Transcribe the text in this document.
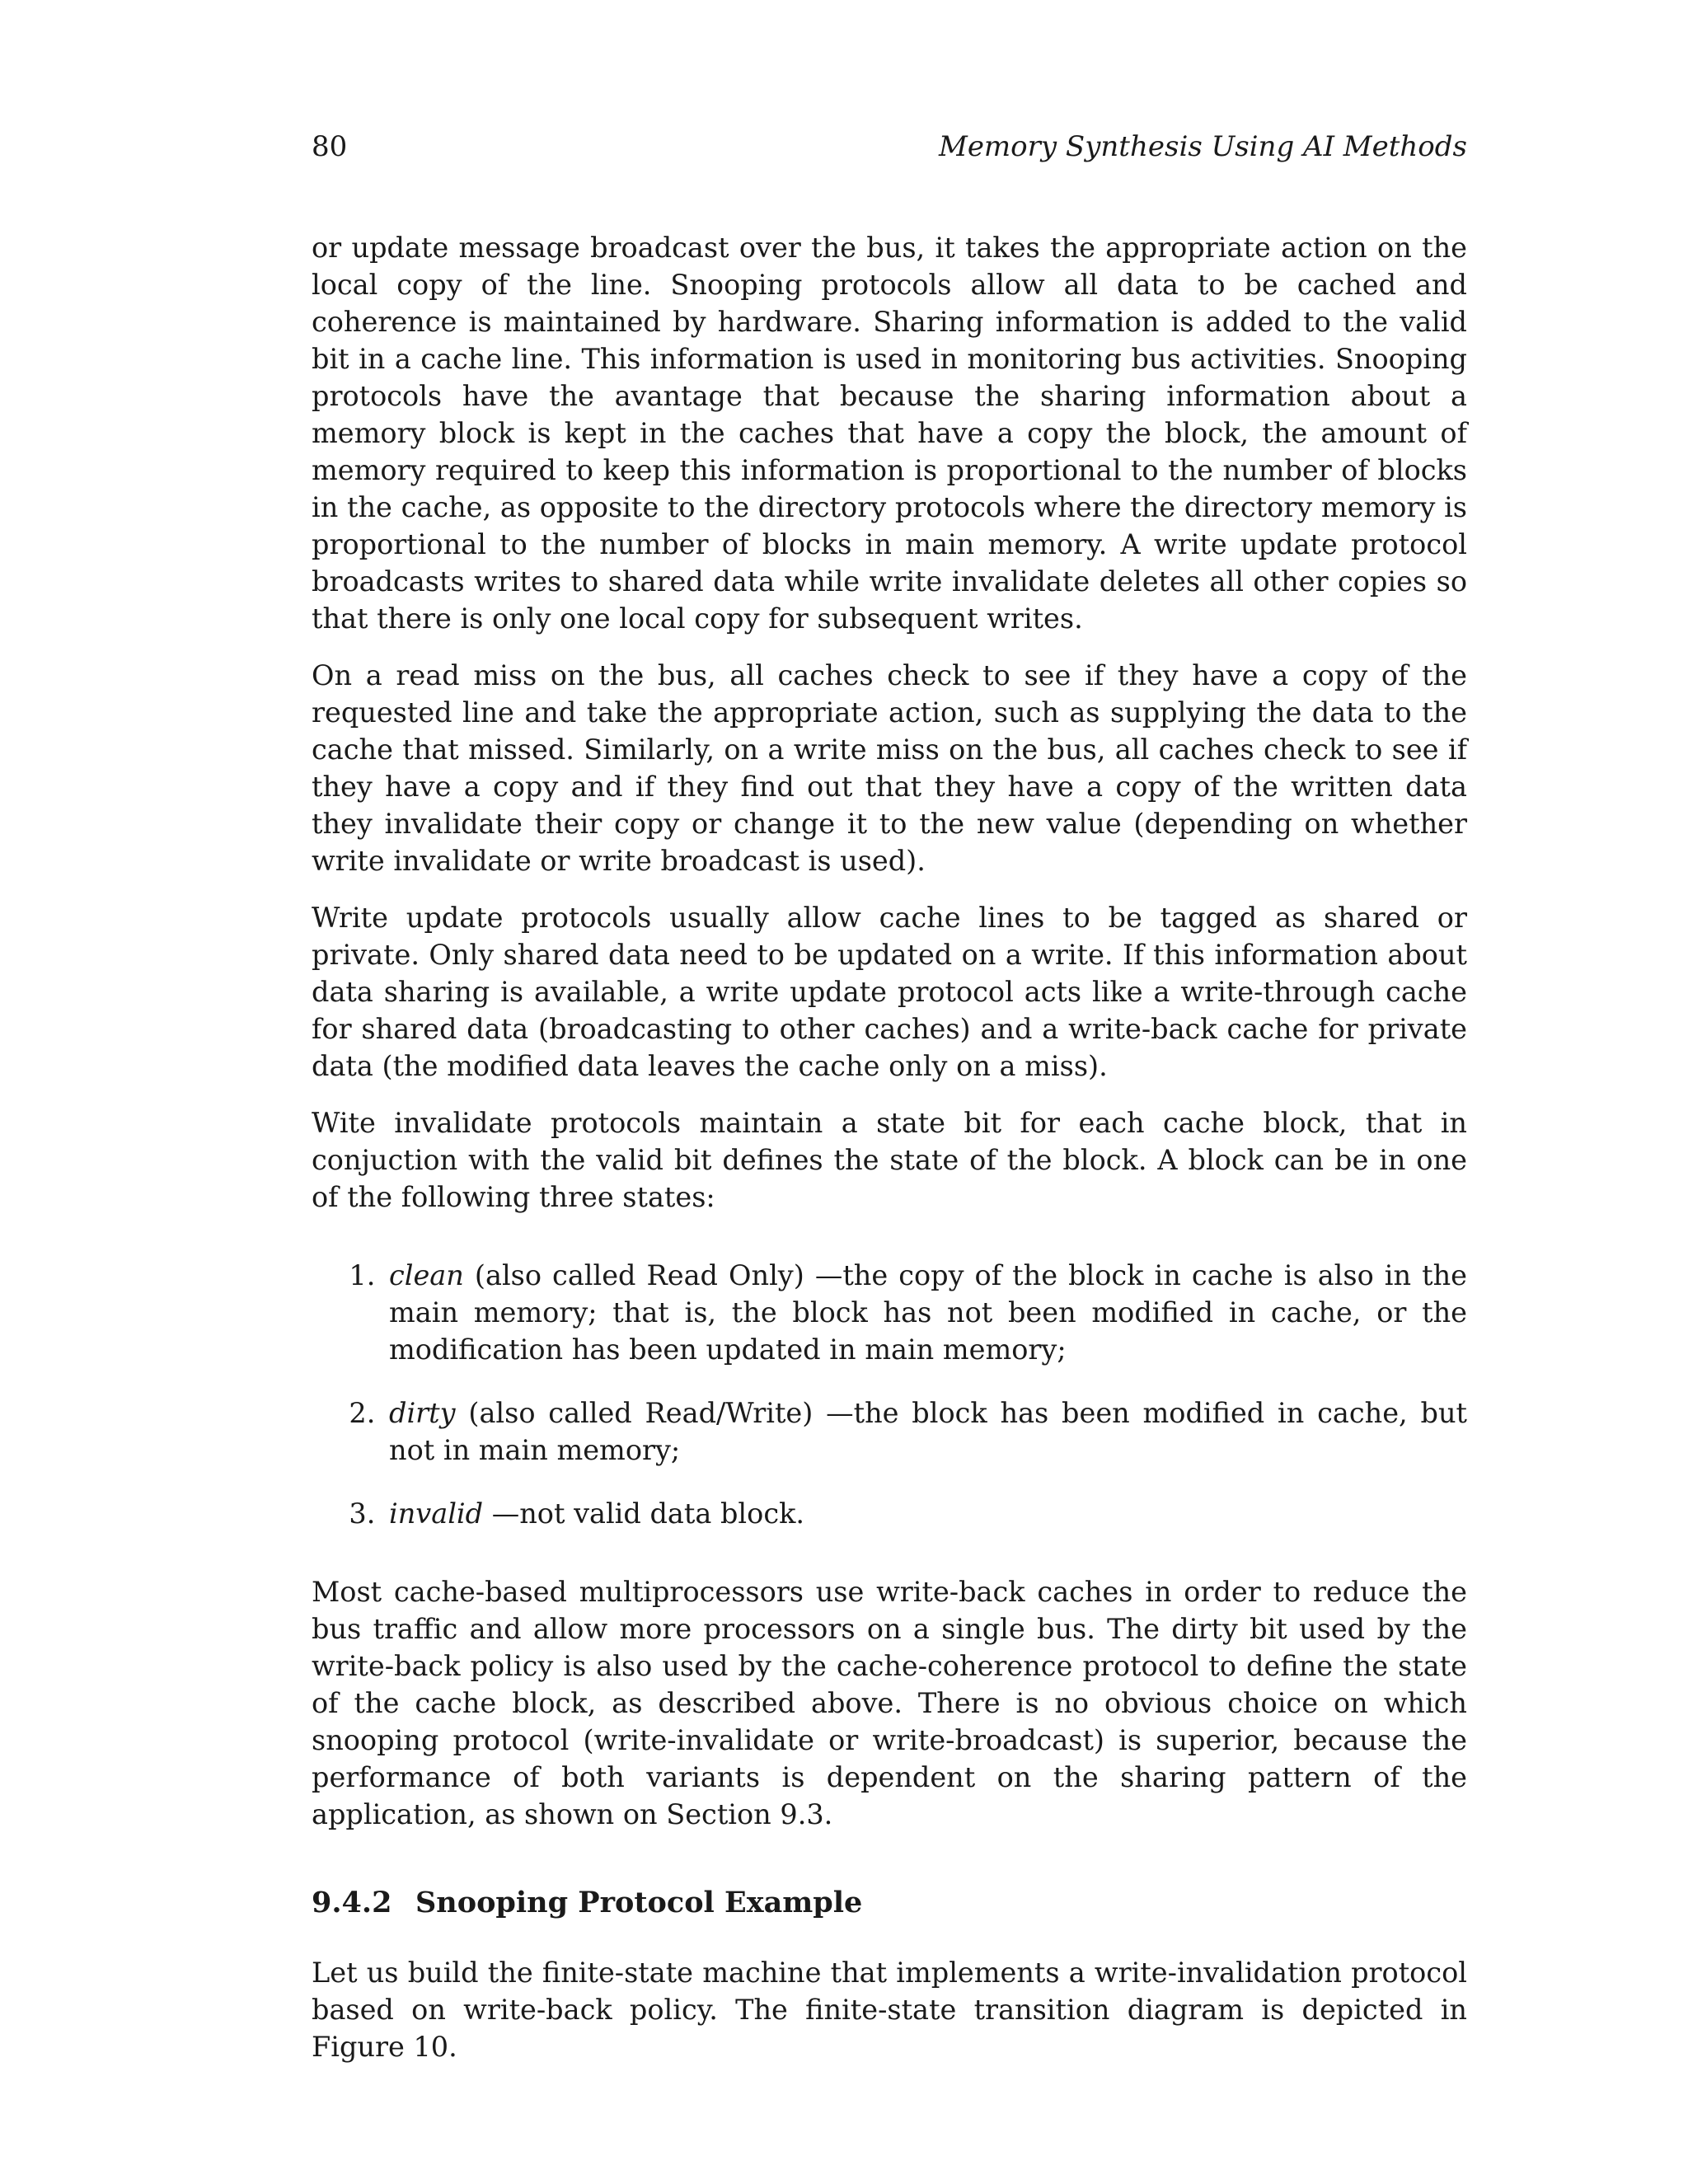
80	Memory Synthesis Using AI Methods

or update message broadcast over the bus, it takes the appropriate action on the local copy of the line. Snooping protocols allow all data to be cached and coherence is maintained by hardware. Sharing information is added to the valid bit in a cache line. This information is used in monitoring bus activities. Snooping protocols have the avantage that because the sharing information about a memory block is kept in the caches that have a copy the block, the amount of memory required to keep this information is proportional to the number of blocks in the cache, as opposite to the directory protocols where the directory memory is proportional to the number of blocks in main memory. A write update protocol broadcasts writes to shared data while write invalidate deletes all other copies so that there is only one local copy for subsequent writes.

On a read miss on the bus, all caches check to see if they have a copy of the requested line and take the appropriate action, such as supplying the data to the cache that missed. Similarly, on a write miss on the bus, all caches check to see if they have a copy and if they find out that they have a copy of the written data they invalidate their copy or change it to the new value (depending on whether write invalidate or write broadcast is used).

Write update protocols usually allow cache lines to be tagged as shared or private. Only shared data need to be updated on a write. If this information about data sharing is available, a write update protocol acts like a write-through cache for shared data (broadcasting to other caches) and a write-back cache for private data (the modified data leaves the cache only on a miss).

Wite invalidate protocols maintain a state bit for each cache block, that in conjuction with the valid bit defines the state of the block. A block can be in one of the following three states:

1. clean (also called Read Only) —the copy of the block in cache is also in the main memory; that is, the block has not been modified in cache, or the modification has been updated in main memory;
2. dirty (also called Read/Write) —the block has been modified in cache, but not in main memory;
3. invalid —not valid data block.

Most cache-based multiprocessors use write-back caches in order to reduce the bus traffic and allow more processors on a single bus. The dirty bit used by the write-back policy is also used by the cache-coherence protocol to define the state of the cache block, as described above. There is no obvious choice on which snooping protocol (write-invalidate or write-broadcast) is superior, because the performance of both variants is dependent on the sharing pattern of the application, as shown on Section 9.3.

9.4.2 Snooping Protocol Example

Let us build the finite-state machine that implements a write-invalidation protocol based on write-back policy. The finite-state transition diagram is depicted in Figure 10.
